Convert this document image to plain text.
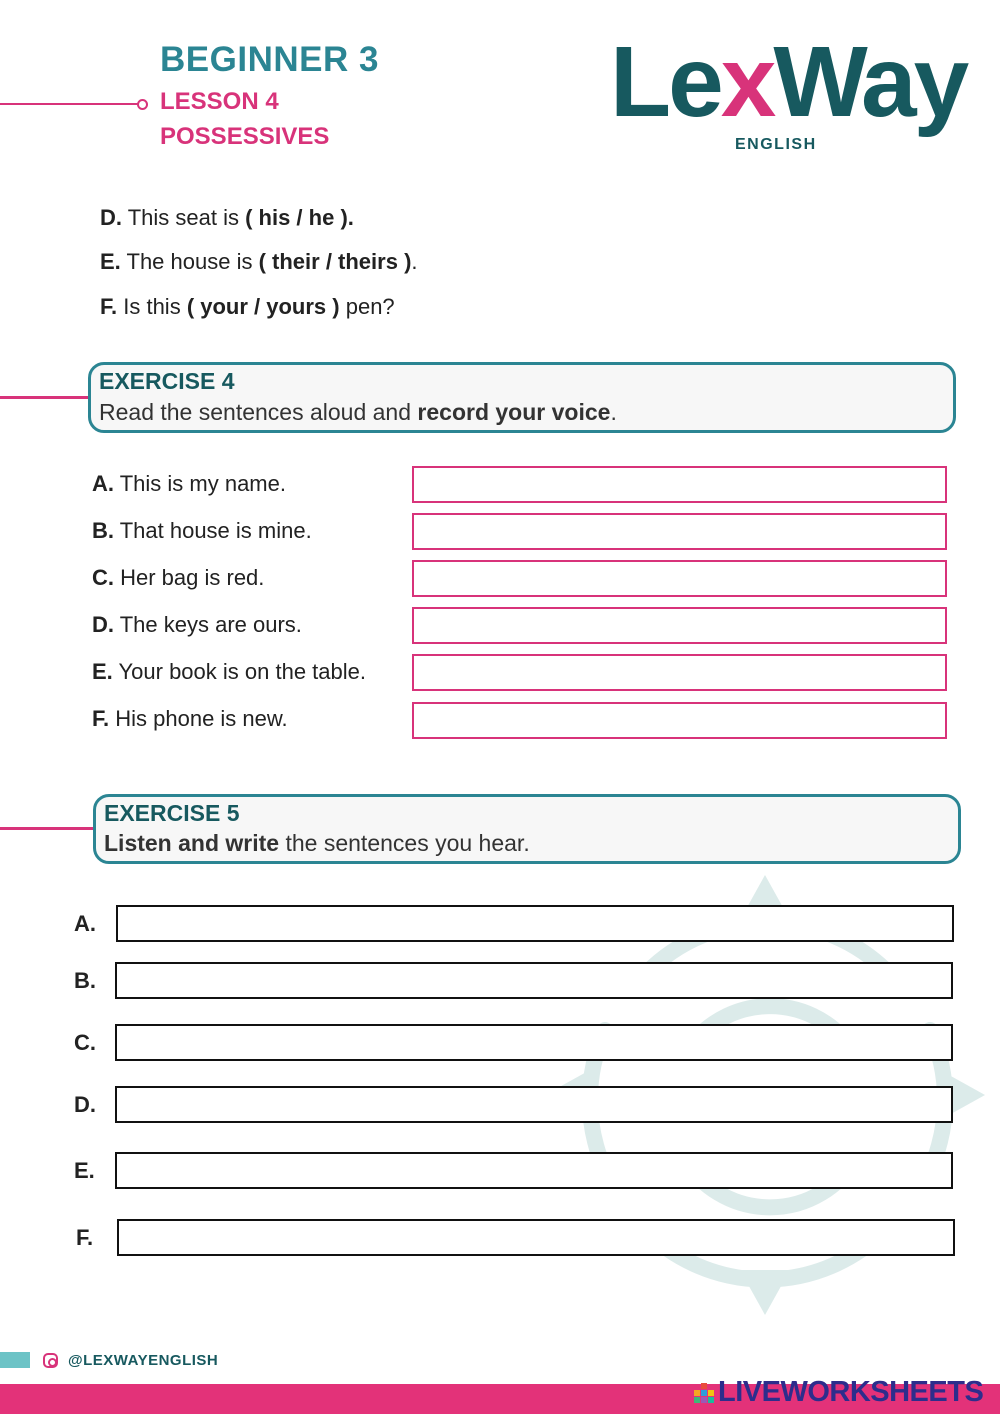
BEGINNER 3
LESSON 4
POSSESSIVES	LexWay
ENGLISH
D. This seat is ( his / he ).
E. The house is ( their / theirs ).
F. Is this ( your / yours ) pen?
EXERCISE 4
Read the sentences aloud and record your voice.
A. This is my name.
B. That house is mine.
C. Her bag is red.
D. The keys are ours.
E. Your book is on the table.
F. His phone is new.
EXERCISE 5
Listen and write the sentences you hear.
A.
B.
C.
D.
E.
F.
@LEXWAYENGLISH
LIVEWORKSHEETS
